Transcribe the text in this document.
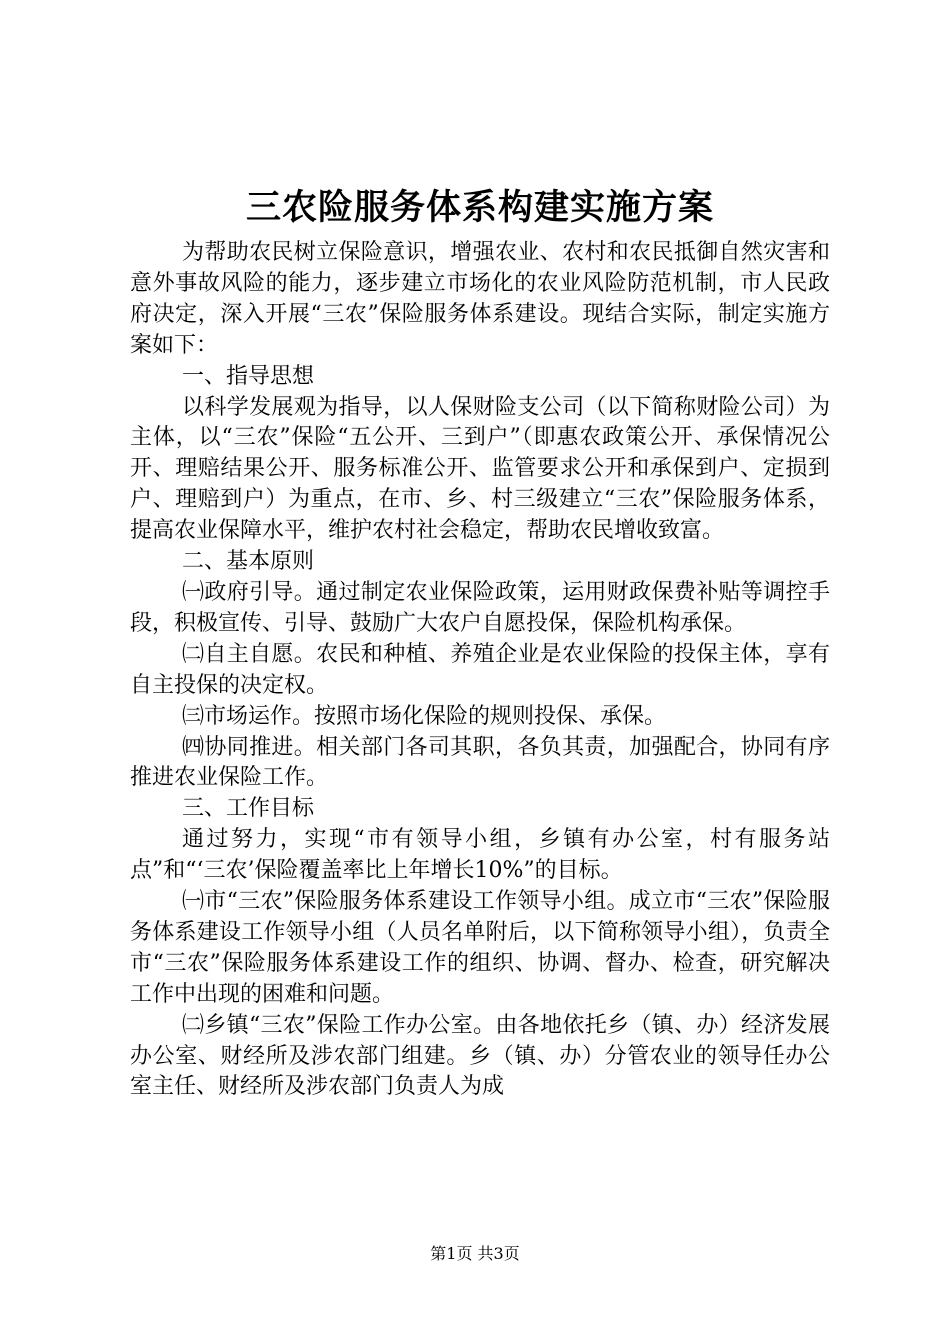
三农险服务体系构建实施方案

为帮助农民树立保险意识，增强农业、农村和农民抵御自然灾害和意外事故风险的能力，逐步建立市场化的农业风险防范机制，市人民政府决定，深入开展“三农”保险服务体系建设。现结合实际，制定实施方案如下：

一、指导思想

以科学发展观为指导，以人保财险支公司（以下简称财险公司）为主体，以“三农”保险“五公开、三到户”（即惠农政策公开、承保情况公开、理赔结果公开、服务标准公开、监管要求公开和承保到户、定损到户、理赔到户）为重点，在市、乡、村三级建立“三农”保险服务体系，提高农业保障水平，维护农村社会稳定，帮助农民增收致富。

二、基本原则

㈠政府引导。通过制定农业保险政策，运用财政保费补贴等调控手段，积极宣传、引导、鼓励广大农户自愿投保，保险机构承保。

㈡自主自愿。农民和种植、养殖企业是农业保险的投保主体，享有自主投保的决定权。

㈢市场运作。按照市场化保险的规则投保、承保。

㈣协同推进。相关部门各司其职，各负其责，加强配合，协同有序推进农业保险工作。

三、工作目标

通过努力，实现“市有领导小组，乡镇有办公室，村有服务站点”和“‘三农’保险覆盖率比上年增长10%”的目标。

㈠市“三农”保险服务体系建设工作领导小组。成立市“三农”保险服务体系建设工作领导小组（人员名单附后，以下简称领导小组），负责全市“三农”保险服务体系建设工作的组织、协调、督办、检查，研究解决工作中出现的困难和问题。

㈡乡镇“三农”保险工作办公室。由各地依托乡（镇、办）经济发展办公室、财经所及涉农部门组建。乡（镇、办）分管农业的领导任办公室主任、财经所及涉农部门负责人为成

第1页 共3页
